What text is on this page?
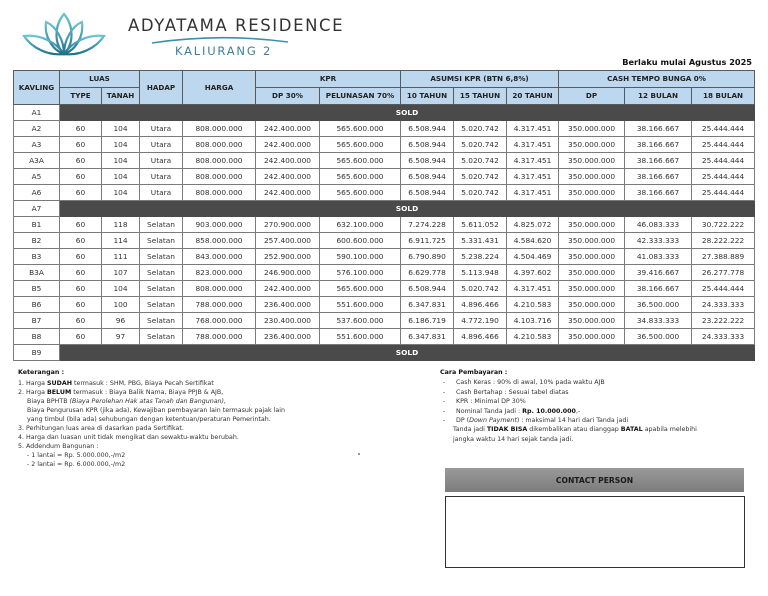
ADYATAMA RESIDENCE
KALIURANG 2
Berlaku mulai Agustus 2025
KAVLING	LUAS		HADAP	HARGA	KPR		ASUMSI KPR (BTN 6,8%)			CASH TEMPO BUNGA 0%		
	TYPE	TANAH			DP 30%	PELUNASAN 70%	10 TAHUN	15 TAHUN	20 TAHUN	DP	12 BULAN	18 BULAN
A1	SOLD											
A2	60	104	Utara	808.000.000	242.400.000	565.600.000	6.508.944	5.020.742	4.317.451	350.000.000	38.166.667	25.444.444
A3	60	104	Utara	808.000.000	242.400.000	565.600.000	6.508.944	5.020.742	4.317.451	350.000.000	38.166.667	25.444.444
A3A	60	104	Utara	808.000.000	242.400.000	565.600.000	6.508.944	5.020.742	4.317.451	350.000.000	38.166.667	25.444.444
A5	60	104	Utara	808.000.000	242.400.000	565.600.000	6.508.944	5.020.742	4.317.451	350.000.000	38.166.667	25.444.444
A6	60	104	Utara	808.000.000	242.400.000	565.600.000	6.508.944	5.020.742	4.317.451	350.000.000	38.166.667	25.444.444
A7	SOLD											
B1	60	118	Selatan	903.000.000	270.900.000	632.100.000	7.274.228	5.611.052	4.825.072	350.000.000	46.083.333	30.722.222
B2	60	114	Selatan	858.000.000	257.400.000	600.600.000	6.911.725	5.331.431	4.584.620	350.000.000	42.333.333	28.222.222
B3	60	111	Selatan	843.000.000	252.900.000	590.100.000	6.790.890	5.238.224	4.504.469	350.000.000	41.083.333	27.388.889
B3A	60	107	Selatan	823.000.000	246.900.000	576.100.000	6.629.778	5.113.948	4.397.602	350.000.000	39.416.667	26.277.778
B5	60	104	Selatan	808.000.000	242.400.000	565.600.000	6.508.944	5.020.742	4.317.451	350.000.000	38.166.667	25.444.444
B6	60	100	Selatan	788.000.000	236.400.000	551.600.000	6.347.831	4.896.466	4.210.583	350.000.000	36.500.000	24.333.333
B7	60	96	Selatan	768.000.000	230.400.000	537.600.000	6.186.719	4.772.190	4.103.716	350.000.000	34.833.333	23.222.222
B8	60	97	Selatan	788.000.000	236.400.000	551.600.000	6.347.831	4.896.466	4.210.583	350.000.000	36.500.000	24.333.333
B9	SOLD											
Keterangan :
1. Harga SUDAH termasuk : SHM, PBG, Biaya Pecah Sertifikat
2. Harga BELUM termasuk : Biaya Balik Nama, Biaya PPJB & AJB,
Biaya BPHTB (Biaya Perolehan Hak atas Tanah dan Bangunan),
Biaya Pengurusan KPR (jika ada), Kewajiban pembayaran lain termasuk pajak lain
yang timbul (bila ada) sehubungan dengan ketentuan/peraturan Pemerintah.
3. Perhitungan luas area di dasarkan pada Sertifikat.
4. Harga dan luasan unit tidak mengikat dan sewaktu-waktu berubah.
5. Addendum Bangunan :
- 1 lantai = Rp. 5.000.000,-/m2
- 2 lantai = Rp. 6.000.000,-/m2
Cara Pembayaran :
-	Cash Keras : 90% di awal, 10% pada waktu AJB
-	Cash Bertahap : Sesuai tabel diatas
-	KPR : Minimal DP 30%
-	Nominal Tanda Jadi : Rp. 10.000.000,-
-	DP (Down Payment) : maksimal 14 hari dari Tanda jadi
Tanda jadi TIDAK BISA dikembalikan atau dianggap BATAL apabila melebihi
jangka waktu 14 hari sejak tanda jadi.
CONTACT PERSON
